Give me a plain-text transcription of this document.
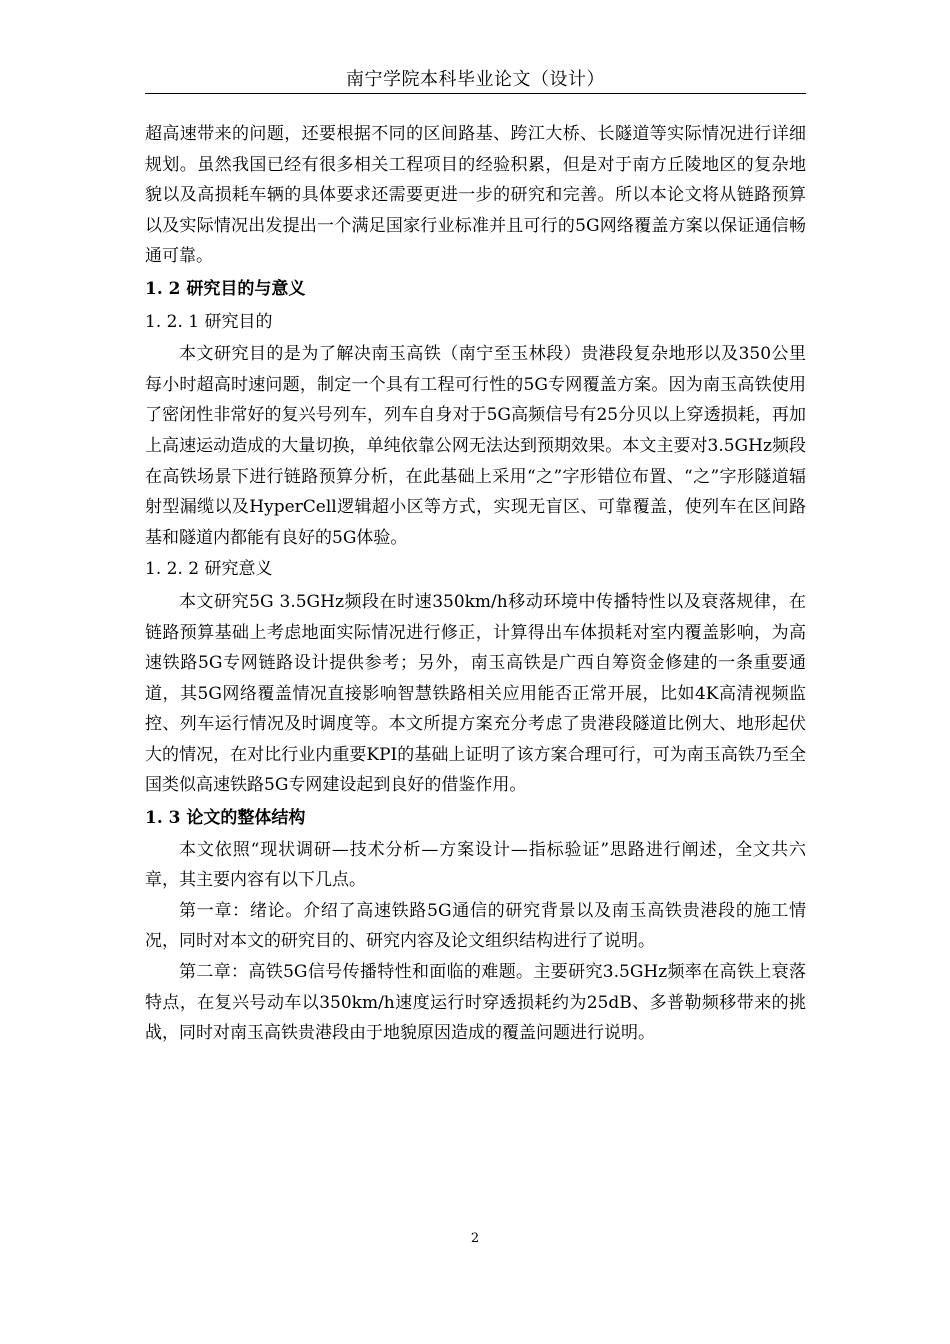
南宁学院本科毕业论文（设计）

超高速带来的问题，还要根据不同的区间路基、跨江大桥、长隧道等实际情况进行详细规划。虽然我国已经有很多相关工程项目的经验积累，但是对于南方丘陵地区的复杂地貌以及高损耗车辆的具体要求还需要更进一步的研究和完善。所以本论文将从链路预算以及实际情况出发提出一个满足国家行业标准并且可行的5G网络覆盖方案以保证通信畅通可靠。

1. 2 研究目的与意义
1. 2. 1 研究目的

本文研究目的是为了解决南玉高铁（南宁至玉林段）贵港段复杂地形以及350公里每小时超高时速问题，制定一个具有工程可行性的5G专网覆盖方案。因为南玉高铁使用了密闭性非常好的复兴号列车，列车自身对于5G高频信号有25分贝以上穿透损耗，再加上高速运动造成的大量切换，单纯依靠公网无法达到预期效果。本文主要对3.5GHz频段在高铁场景下进行链路预算分析，在此基础上采用“之”字形错位布置、“之”字形隧道辐射型漏缆以及HyperCell逻辑超小区等方式，实现无盲区、可靠覆盖，使列车在区间路基和隧道内都能有良好的5G体验。

1. 2. 2 研究意义

本文研究5G 3.5GHz频段在时速350km/h移动环境中传播特性以及衰落规律，在链路预算基础上考虑地面实际情况进行修正，计算得出车体损耗对室内覆盖影响，为高速铁路5G专网链路设计提供参考；另外，南玉高铁是广西自筹资金修建的一条重要通道，其5G网络覆盖情况直接影响智慧铁路相关应用能否正常开展，比如4K高清视频监控、列车运行情况及时调度等。本文所提方案充分考虑了贵港段隧道比例大、地形起伏大的情况，在对比行业内重要KPI的基础上证明了该方案合理可行，可为南玉高铁乃至全国类似高速铁路5G专网建设起到良好的借鉴作用。

1. 3 论文的整体结构

本文依照“现状调研—技术分析—方案设计—指标验证”思路进行阐述，全文共六章，其主要内容有以下几点。

第一章：绪论。介绍了高速铁路5G通信的研究背景以及南玉高铁贵港段的施工情况，同时对本文的研究目的、研究内容及论文组织结构进行了说明。

第二章：高铁5G信号传播特性和面临的难题。主要研究3.5GHz频率在高铁上衰落特点，在复兴号动车以350km/h速度运行时穿透损耗约为25dB、多普勒频移带来的挑战，同时对南玉高铁贵港段由于地貌原因造成的覆盖问题进行说明。

2
